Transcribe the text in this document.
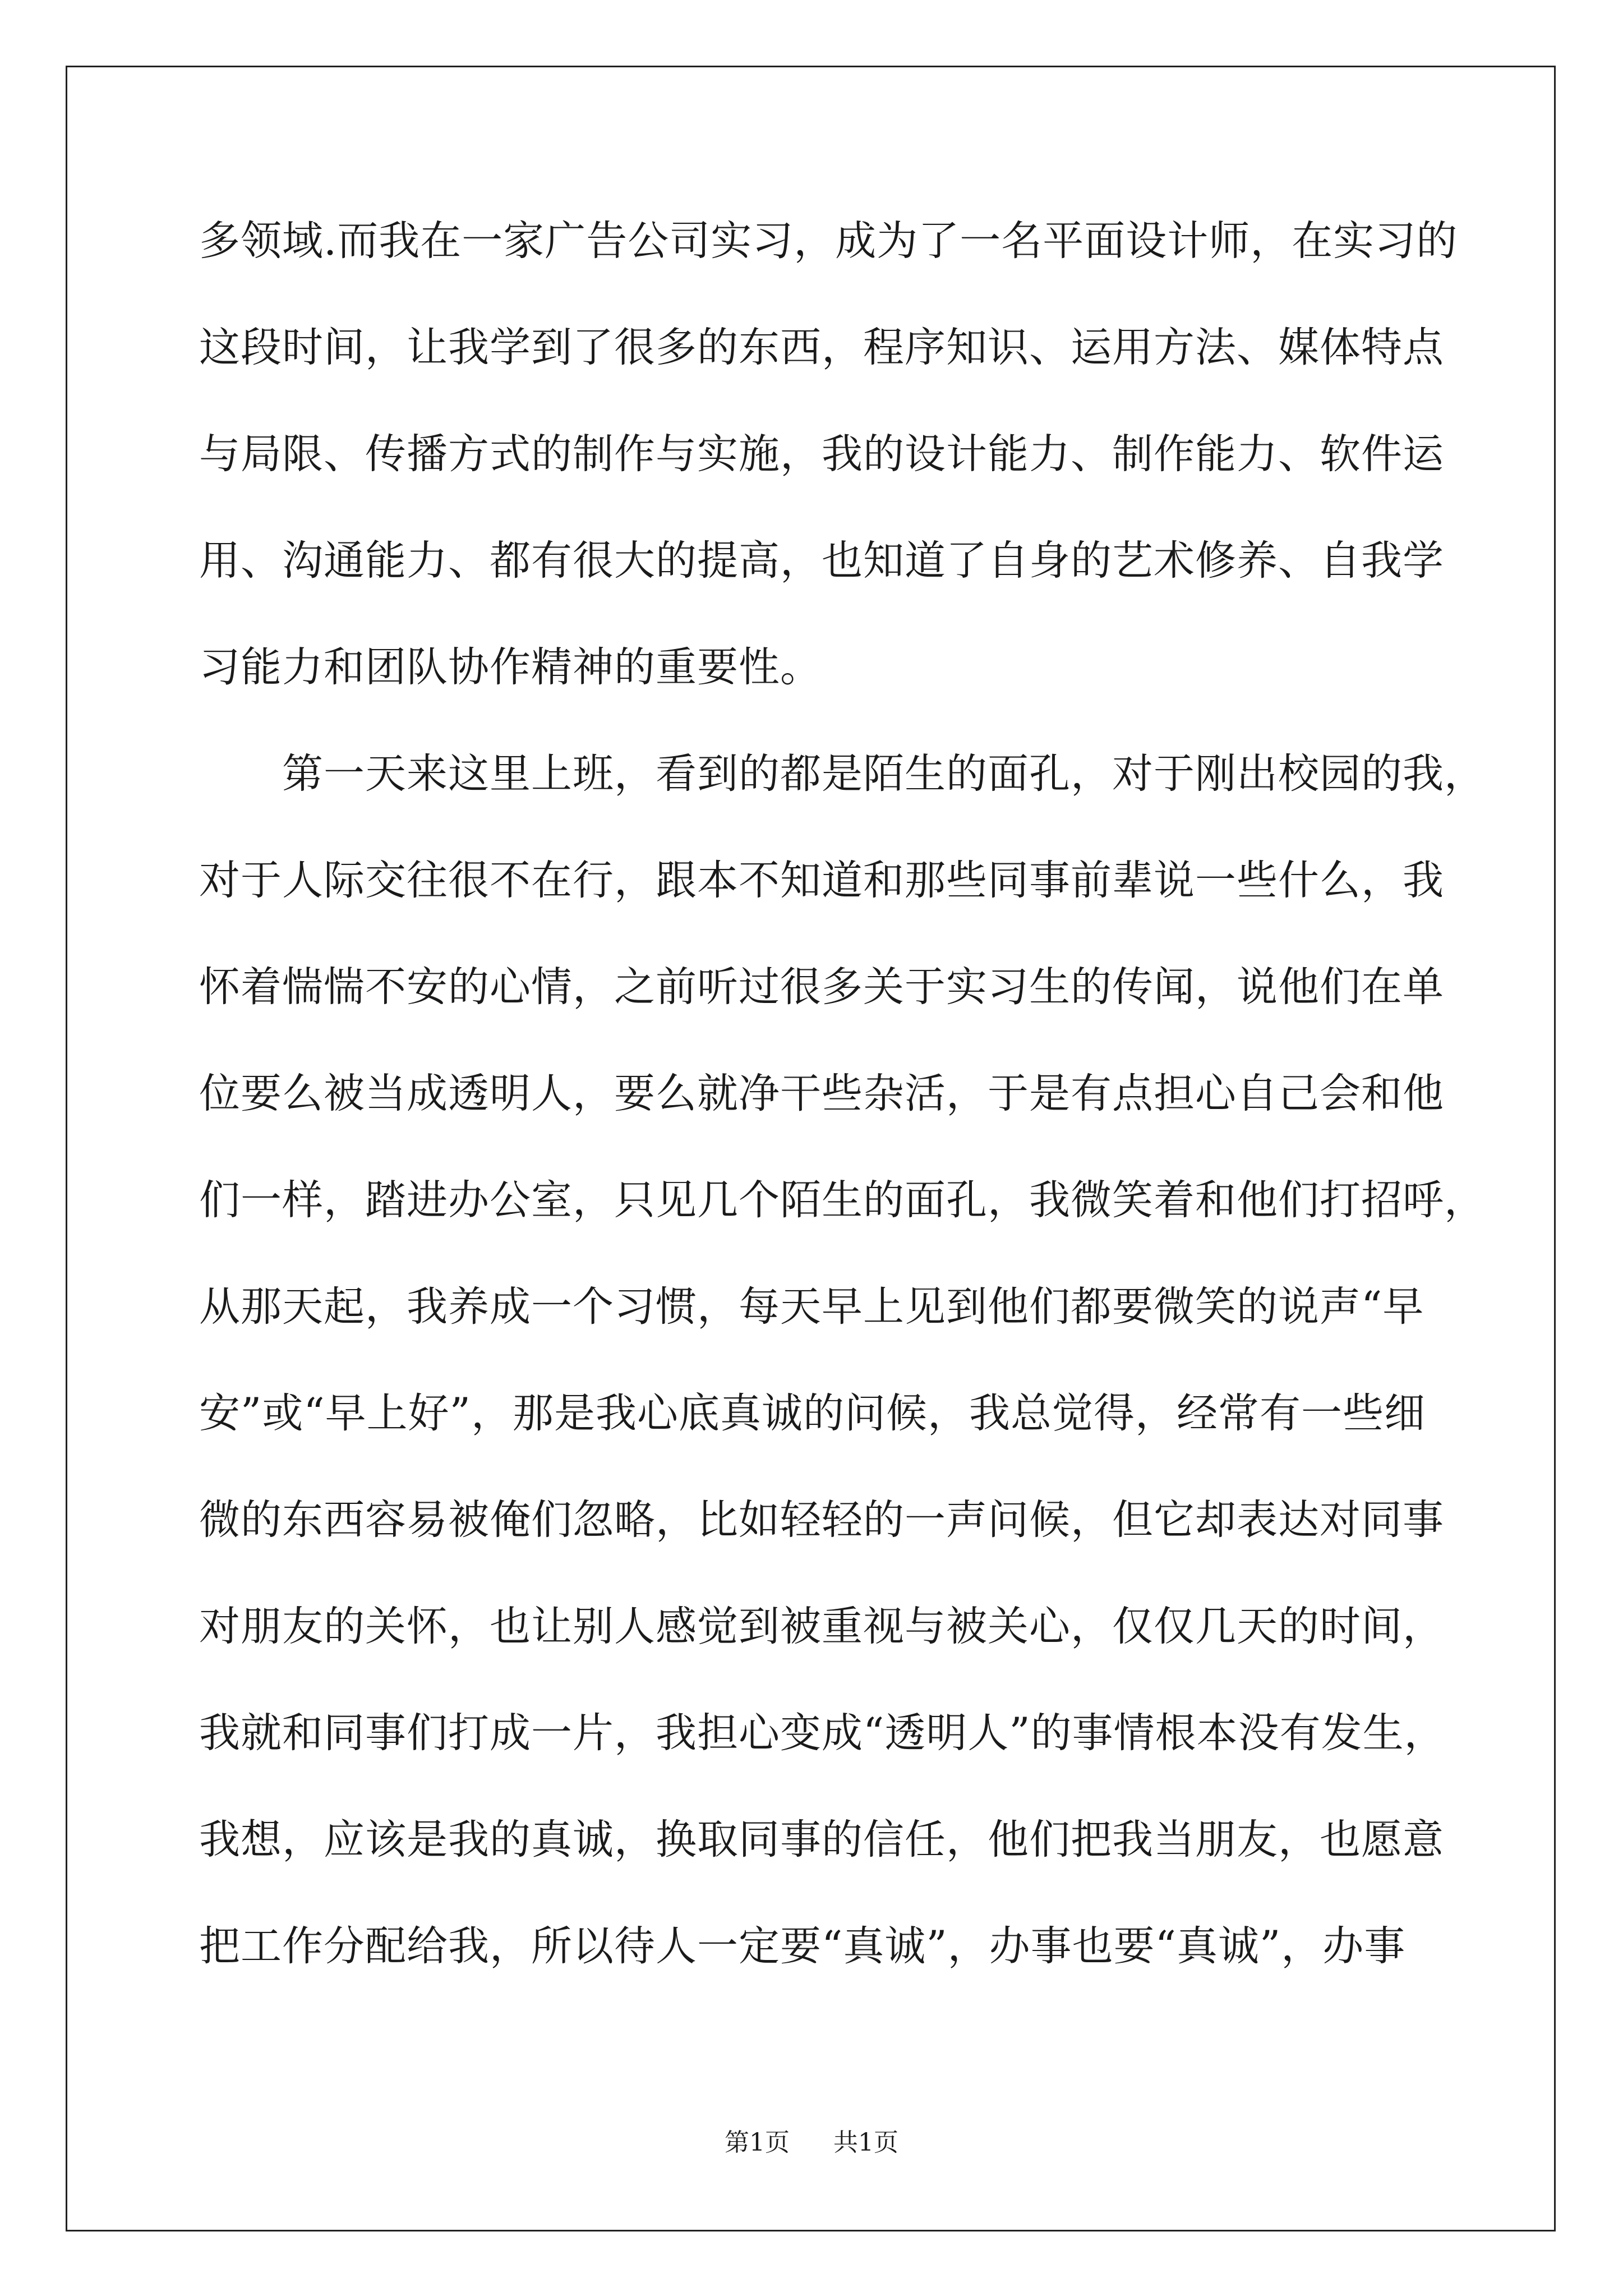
多领域.而我在一家广告公司实习，成为了一名平面设计师，在实习的
这段时间，让我学到了很多的东西，程序知识、运用方法、媒体特点
与局限、传播方式的制作与实施，我的设计能力、制作能力、软件运
用、沟通能力、都有很大的提高，也知道了自身的艺术修养、自我学
习能力和团队协作精神的重要性。
　　第一天来这里上班，看到的都是陌生的面孔，对于刚出校园的我，
对于人际交往很不在行，跟本不知道和那些同事前辈说一些什么，我
怀着惴惴不安的心情，之前听过很多关于实习生的传闻，说他们在单
位要么被当成透明人，要么就净干些杂活，于是有点担心自己会和他
们一样，踏进办公室，只见几个陌生的面孔，我微笑着和他们打招呼，
从那天起，我养成一个习惯，每天早上见到他们都要微笑的说声“早
安”或“早上好”，那是我心底真诚的问候，我总觉得，经常有一些细
微的东西容易被俺们忽略，比如轻轻的一声问候，但它却表达对同事
对朋友的关怀，也让别人感觉到被重视与被关心，仅仅几天的时间，
我就和同事们打成一片，我担心变成“透明人”的事情根本没有发生，
我想，应该是我的真诚，换取同事的信任，他们把我当朋友，也愿意
把工作分配给我，所以待人一定要“真诚”，办事也要“真诚”，办事
第1页 共1页
